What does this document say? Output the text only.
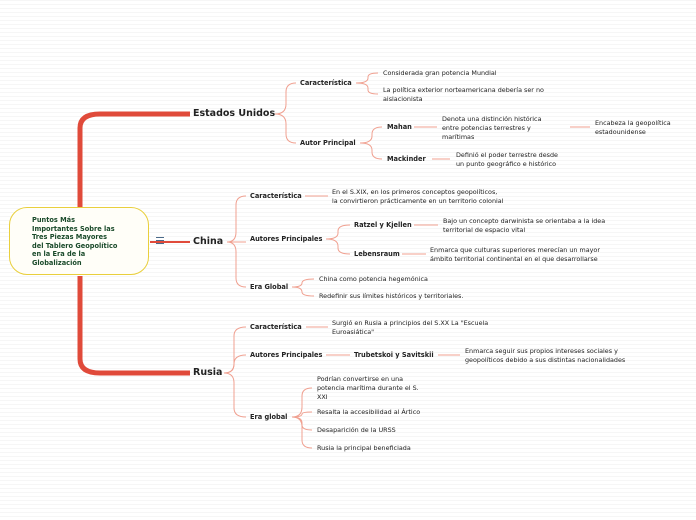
Puntos Más
Importantes Sobre las
Tres Piezas Mayores
del Tablero Geopolítico
en la Era de la
Globalización
Estados Unidos
Característica
Considerada gran potencia Mundial
La política exterior norteamericana debería ser no
aislacionista
Autor Principal
Mahan
Denota una distinción histórica
entre potencias terrestres y
marítimas
Encabeza la geopolítica
estadounidense
Mackinder	Definió el poder terrestre desde
un punto geográfico e histórico
China
Característica	En el S.XIX, en los primeros conceptos geopolíticos,
la convirtieron prácticamente en un territorio colonial
Autores Principales
Ratzel y Kjellen	Bajo un concepto darwinista se orientaba a la idea
territorial de espacio vital
Lebensraum	Enmarca que culturas superiores merecían un mayor
ámbito territorial continental en el que desarrollarse
Era Global
China como potencia hegemónica
Redefinir sus límites históricos y territoriales.
Rusia
Característica	Surgió en Rusia a principios del S.XX La "Escuela
Euroasiática"
Autores Principales	Trubetskoi y Savitskii	Enmarca seguir sus propios intereses sociales y
geopolíticos debido a sus distintas nacionalidades
Era global
Podrían convertirse en una
potencia marítima durante el S.
XXI
Resalta la accesibilidad al Ártico
Desaparición de la URSS
Rusia la principal beneficiada
